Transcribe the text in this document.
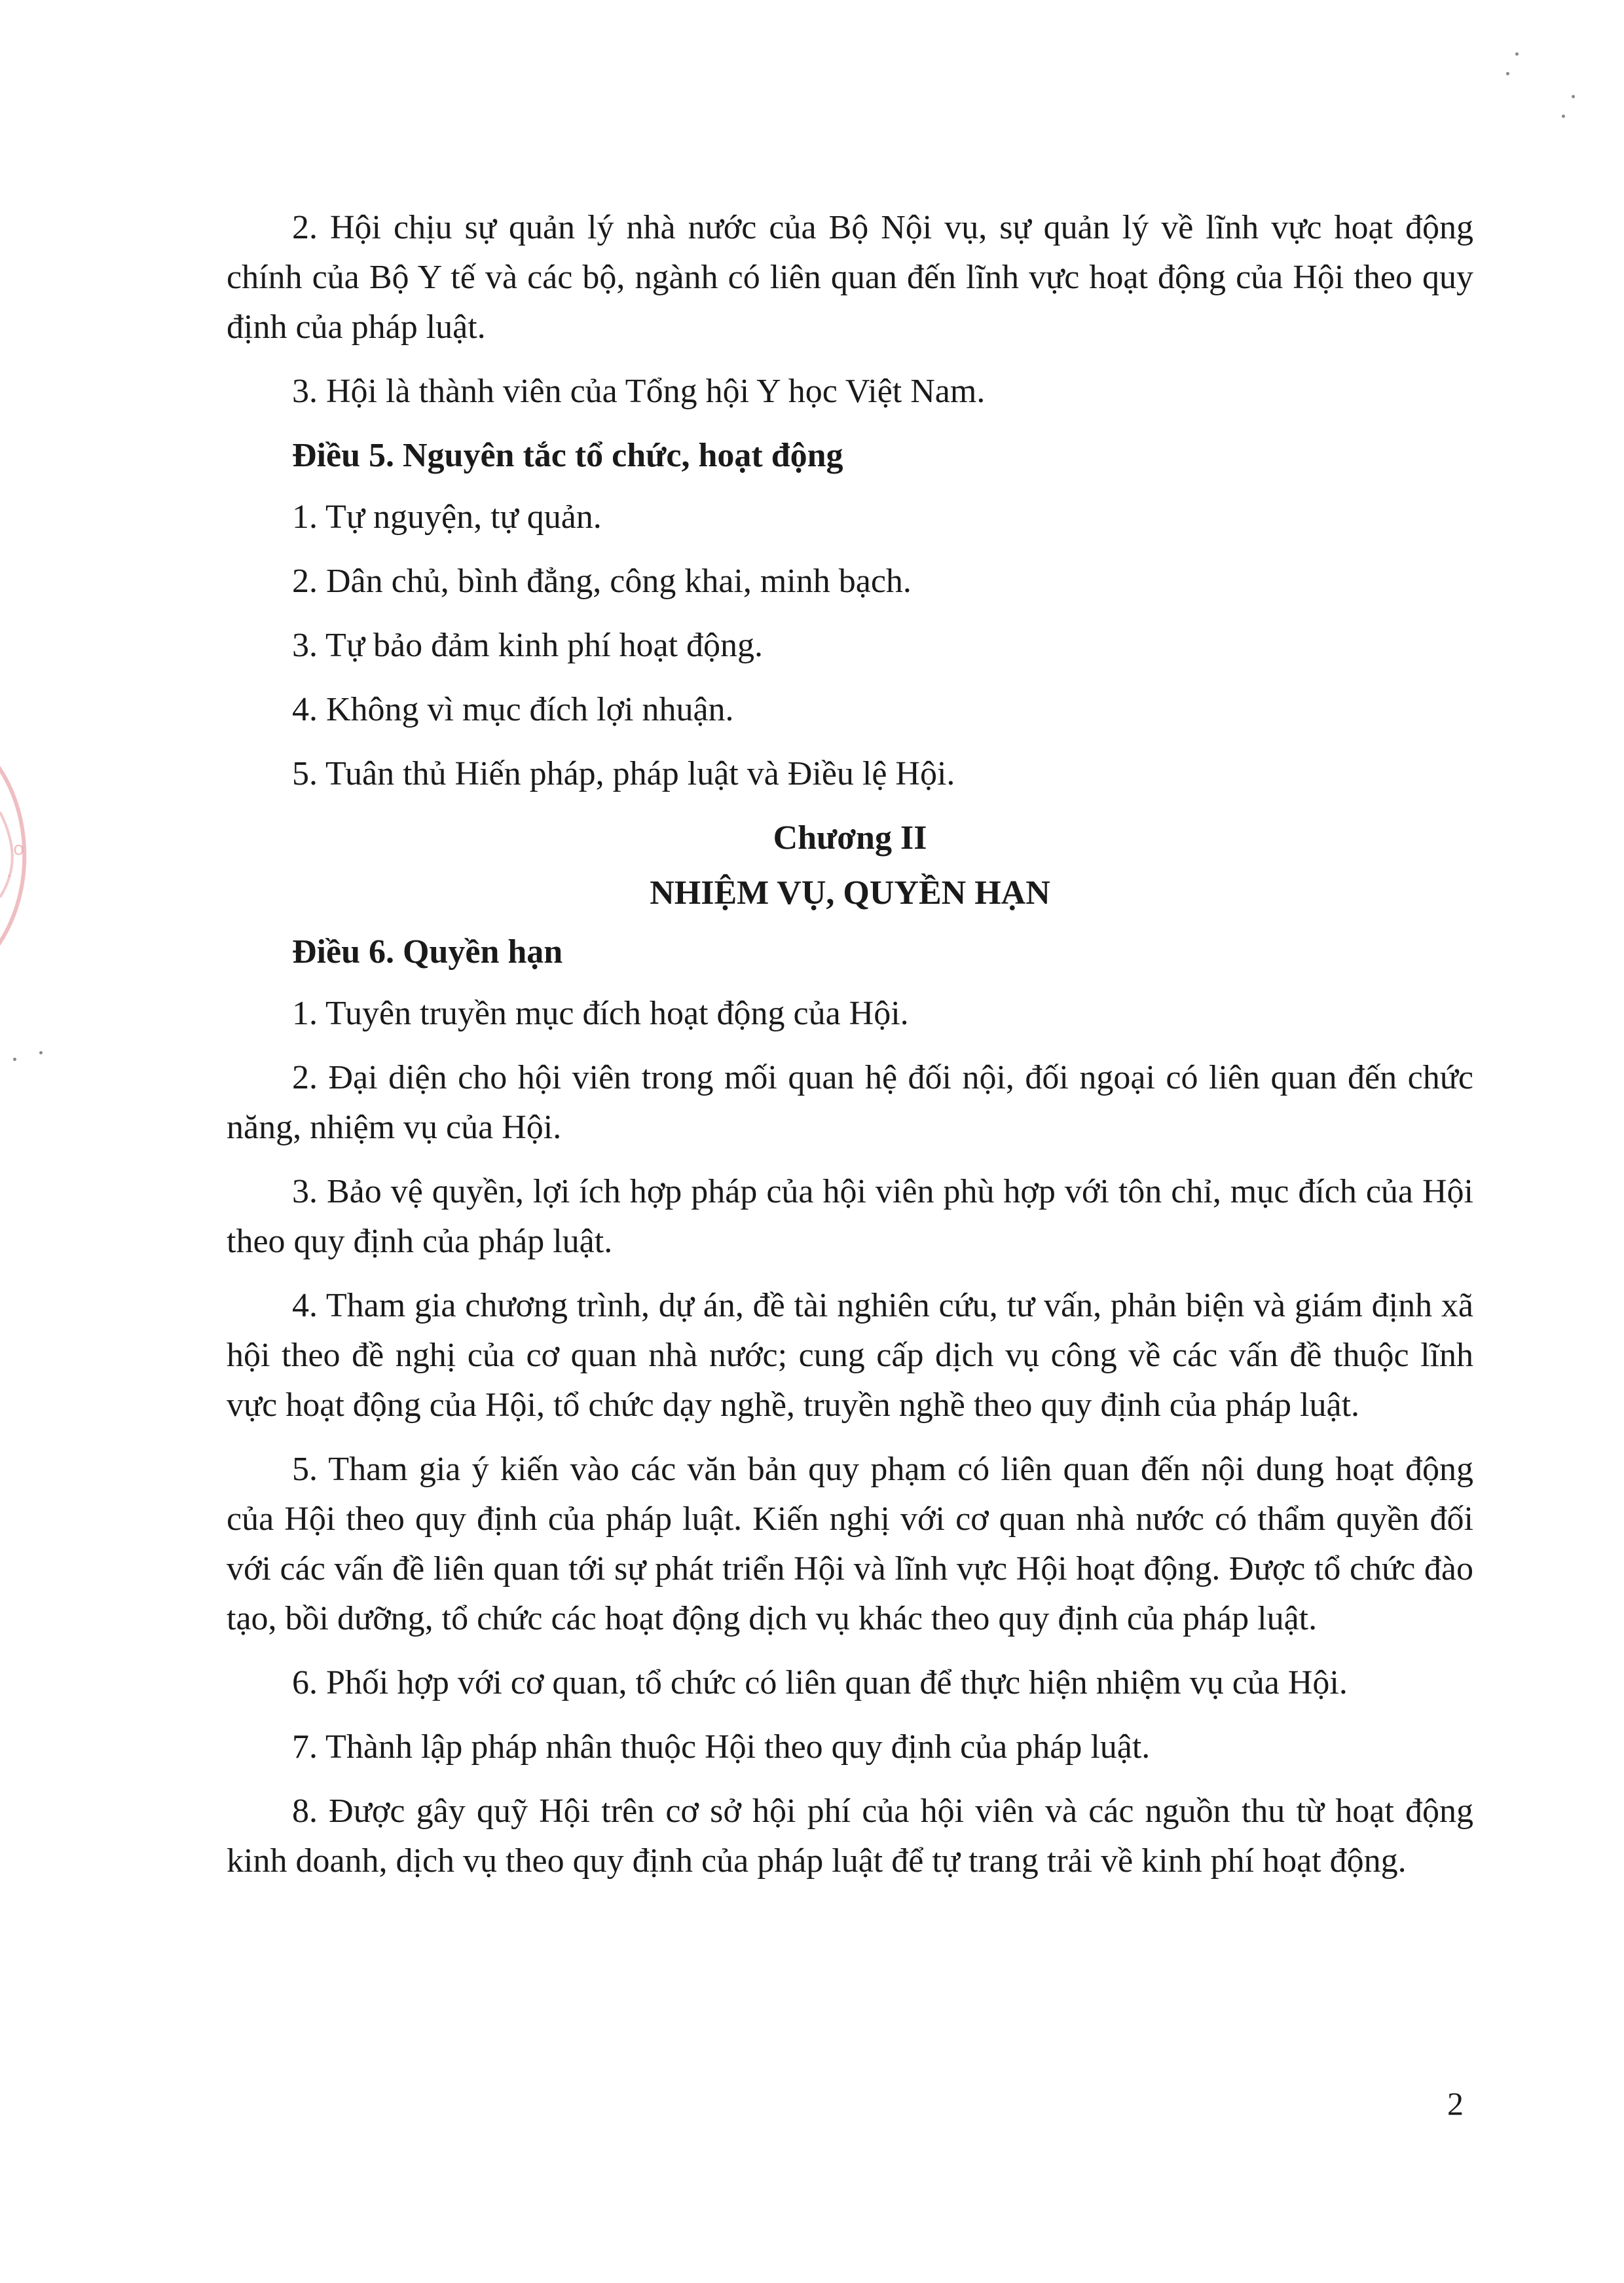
o
·

2. Hội chịu sự quản lý nhà nước của Bộ Nội vụ, sự quản lý về lĩnh vực hoạt động chính của Bộ Y tế và các bộ, ngành có liên quan đến lĩnh vực hoạt động của Hội theo quy định của pháp luật.

3. Hội là thành viên của Tổng hội Y học Việt Nam.

Điều 5. Nguyên tắc tổ chức, hoạt động

1. Tự nguyện, tự quản.

2. Dân chủ, bình đẳng, công khai, minh bạch.

3. Tự bảo đảm kinh phí hoạt động.

4. Không vì mục đích lợi nhuận.

5. Tuân thủ Hiến pháp, pháp luật và Điều lệ Hội.

Chương II

NHIỆM VỤ, QUYỀN HẠN

Điều 6. Quyền hạn

1. Tuyên truyền mục đích hoạt động của Hội.

2. Đại diện cho hội viên trong mối quan hệ đối nội, đối ngoại có liên quan đến chức năng, nhiệm vụ của Hội.

3. Bảo vệ quyền, lợi ích hợp pháp của hội viên phù hợp với tôn chỉ, mục đích của Hội theo quy định của pháp luật.

4. Tham gia chương trình, dự án, đề tài nghiên cứu, tư vấn, phản biện và giám định xã hội theo đề nghị của cơ quan nhà nước; cung cấp dịch vụ công về các vấn đề thuộc lĩnh vực hoạt động của Hội, tổ chức dạy nghề, truyền nghề theo quy định của pháp luật.

5. Tham gia ý kiến vào các văn bản quy phạm có liên quan đến nội dung hoạt động của Hội theo quy định của pháp luật. Kiến nghị với cơ quan nhà nước có thẩm quyền đối với các vấn đề liên quan tới sự phát triển Hội và lĩnh vực Hội hoạt động. Được tổ chức đào tạo, bồi dưỡng, tổ chức các hoạt động dịch vụ khác theo quy định của pháp luật.

6. Phối hợp với cơ quan, tổ chức có liên quan để thực hiện nhiệm vụ của Hội.

7. Thành lập pháp nhân thuộc Hội theo quy định của pháp luật.

8. Được gây quỹ Hội trên cơ sở hội phí của hội viên và các nguồn thu từ hoạt động kinh doanh, dịch vụ theo quy định của pháp luật để tự trang trải về kinh phí hoạt động.

2
